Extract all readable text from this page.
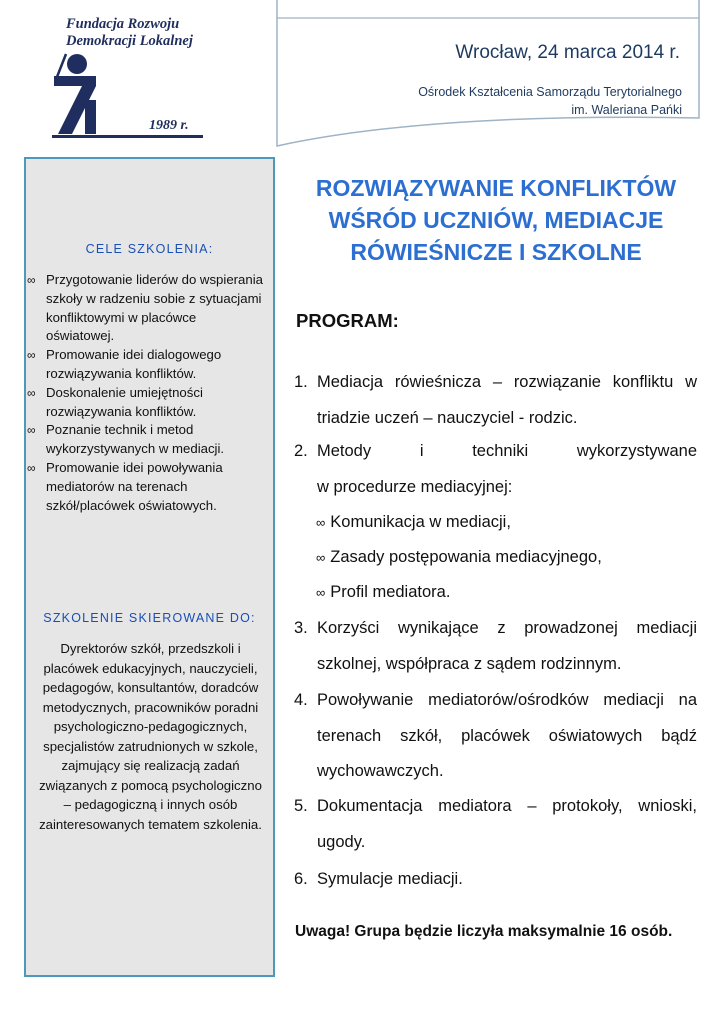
Fundacja Rozwoju
Demokracji Lokalnej
1989 r.
Wrocław, 24 marca 2014 r.
Ośrodek Kształcenia Samorządu Terytorialnego
im. Waleriana Pańki
CELE SZKOLENIA:
∞ Przygotowanie liderów do wspierania szkoły w radzeniu sobie z sytuacjami konfliktowymi w placówce oświatowej.
∞ Promowanie idei dialogowego rozwiązywania konfliktów.
∞ Doskonalenie umiejętności rozwiązywania konfliktów.
∞ Poznanie technik i metod wykorzystywanych w mediacji.
∞ Promowanie idei powoływania mediatorów na terenach szkół/placówek oświatowych.
SZKOLENIE SKIEROWANE DO:
Dyrektorów szkół, przedszkoli i placówek edukacyjnych, nauczycieli, pedagogów, konsultantów, doradców metodycznych, pracowników poradni psychologiczno-pedagogicznych, specjalistów zatrudnionych w szkole, zajmujący się realizacją zadań związanych z pomocą psychologiczno – pedagogiczną i innych osób zainteresowanych tematem szkolenia.
ROZWIĄZYWANIE KONFLIKTÓW
WŚRÓD UCZNIÓW, MEDIACJE
RÓWIEŚNICZE I SZKOLNE
PROGRAM:
1. Mediacja rówieśnicza – rozwiązanie konfliktu w triadzie uczeń – nauczyciel - rodzic.
2. Metody i techniki wykorzystywane
w procedurze mediacyjnej:
∞ Komunikacja w mediacji,
∞ Zasady postępowania mediacyjnego,
∞ Profil mediatora.
3. Korzyści wynikające z prowadzonej mediacji szkolnej, współpraca z sądem rodzinnym.
4. Powoływanie mediatorów/ośrodków mediacji na terenach szkół, placówek oświatowych bądź wychowawczych.
5. Dokumentacja mediatora – protokoły, wnioski, ugody.
6. Symulacje mediacji.
Uwaga! Grupa będzie liczyła maksymalnie 16 osób.
